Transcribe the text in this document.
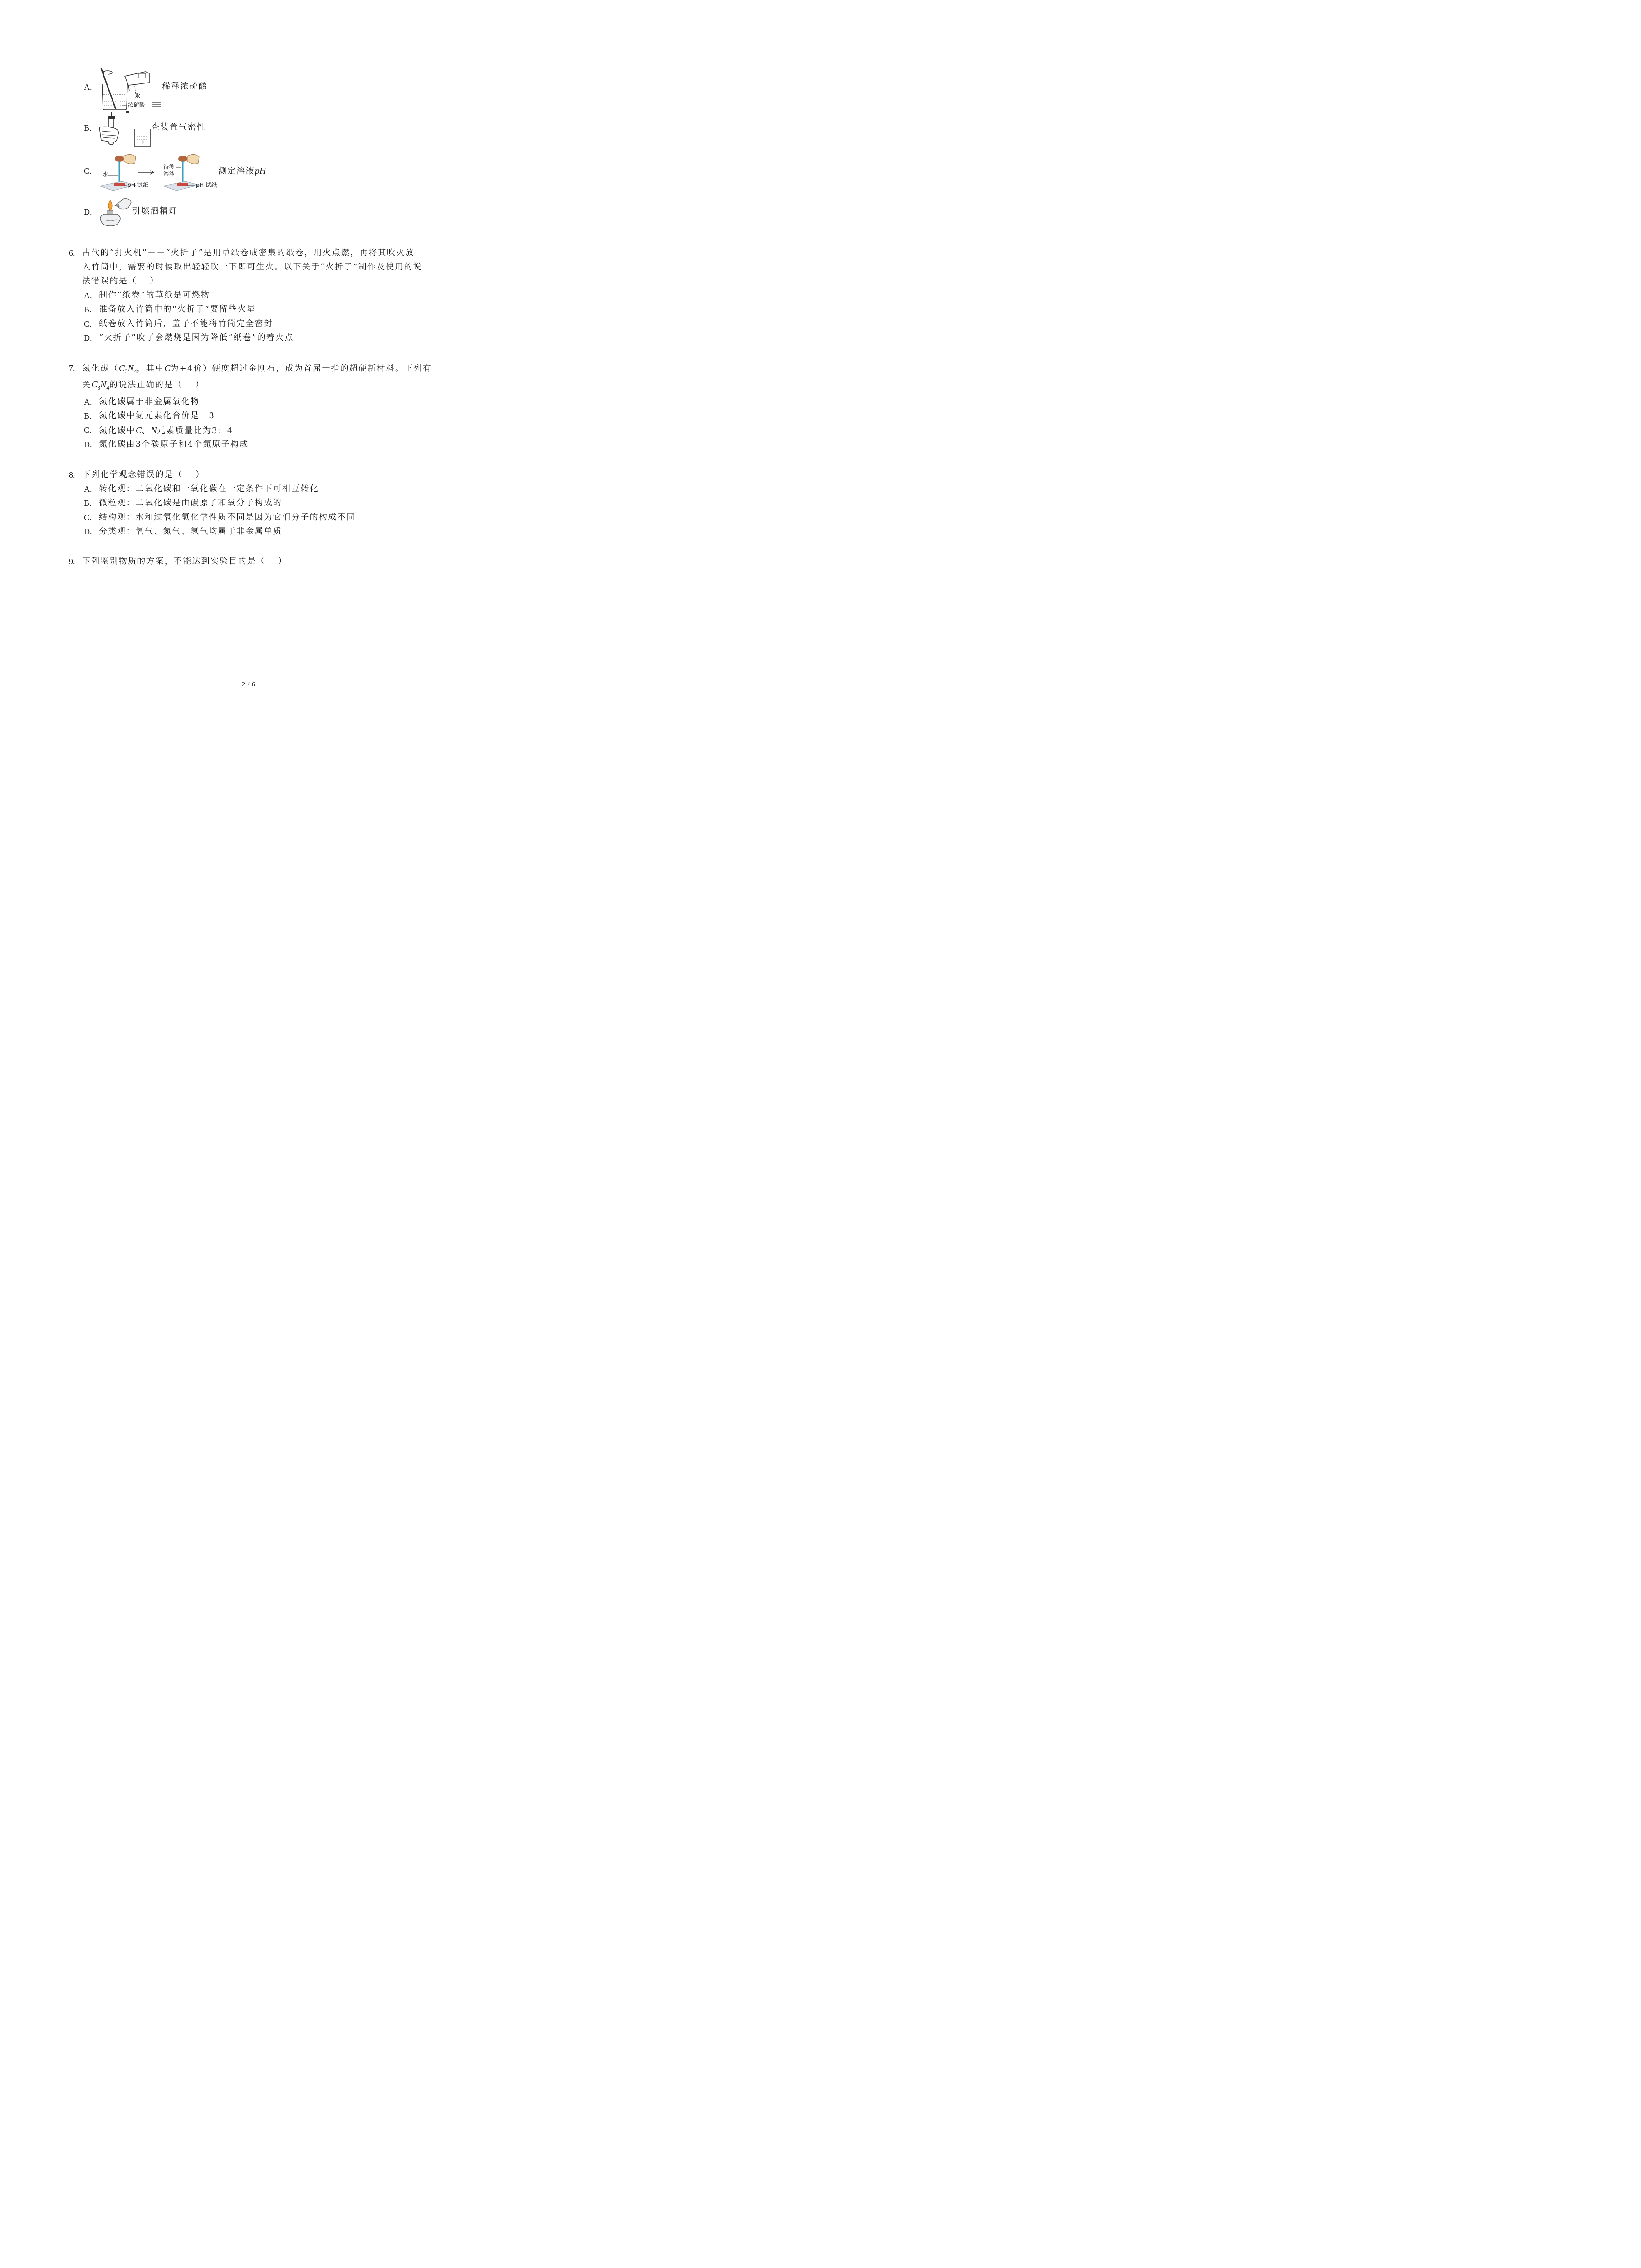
A.
水
浓硫酸
稀释浓硫酸
B.	查装置气密性
C. 水
待测
溶液
pH 试纸	pH 试纸
测定溶液pH
D.	引燃酒精灯
6. 古代的“打火机”－－“火折子”是用草纸卷成密集的纸卷，用火点燃，再将其吹灭放
入竹筒中，需要的时候取出轻轻吹一下即可生火。以下关于“火折子”制作及使用的说
法错误的是（ ）
A. 制作“纸卷”的草纸是可燃物
B. 准备放入竹筒中的“火折子”要留些火星
C. 纸卷放入竹筒后，盖子不能将竹筒完全密封
D. “火折子”吹了会燃烧是因为降低“纸卷”的着火点
7. 氮化碳（$C_3N_4$，其中C为+4价）硬度超过金刚石，成为首屈一指的超硬新材料。下列有
关$C_3N_4$的说法正确的是（ ）
A. 氮化碳属于非金属氧化物
B. 氮化碳中氮元素化合价是－3
C. 氮化碳中C、N元素质量比为3：4
D. 氮化碳由3个碳原子和4个氮原子构成
8. 下列化学观念错误的是（ ）
A. 转化观：二氧化碳和一氧化碳在一定条件下可相互转化
B. 微粒观：二氧化碳是由碳原子和氧分子构成的
C. 结构观：水和过氧化氢化学性质不同是因为它们分子的构成不同
D. 分类观：氧气、氮气、氢气均属于非金属单质
9. 下列鉴别物质的方案，不能达到实验目的是（ ）
2 / 6
